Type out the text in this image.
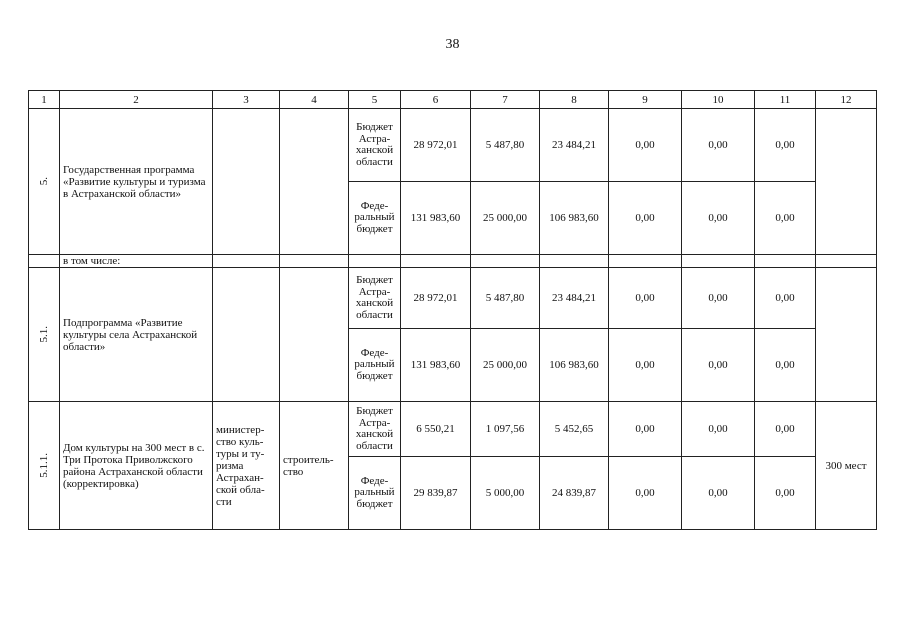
38
1	2	3	4	5	6	7	8	9	10	11	12

5.	Государственная программа «Развитие культуры и туризма в Астраханской области»			Бюджет Астраханской области	28 972,01	5 487,80	23 484,21	0,00	0,00	0,00	
				Федеральный бюджет	131 983,60	25 000,00	106 983,60	0,00	0,00	0,00	
	в том числе:										

5.1.	Подпрограмма «Развитие культуры села Астраханской области»			Бюджет Астраханской области	28 972,01	5 487,80	23 484,21	0,00	0,00	0,00	
				Федеральный бюджет	131 983,60	25 000,00	106 983,60	0,00	0,00	0,00	

5.1.1.	Дом культуры на 300 мест в с. Три Протока Приволжского района Астраханской области (корректировка)	министерство культуры и туризма Астраханской области	строительство	Бюджет Астраханской области	6 550,21	1 097,56	5 452,65	0,00	0,00	0,00	300 мест
				Федеральный бюджет	29 839,87	5 000,00	24 839,87	0,00	0,00	0,00	
